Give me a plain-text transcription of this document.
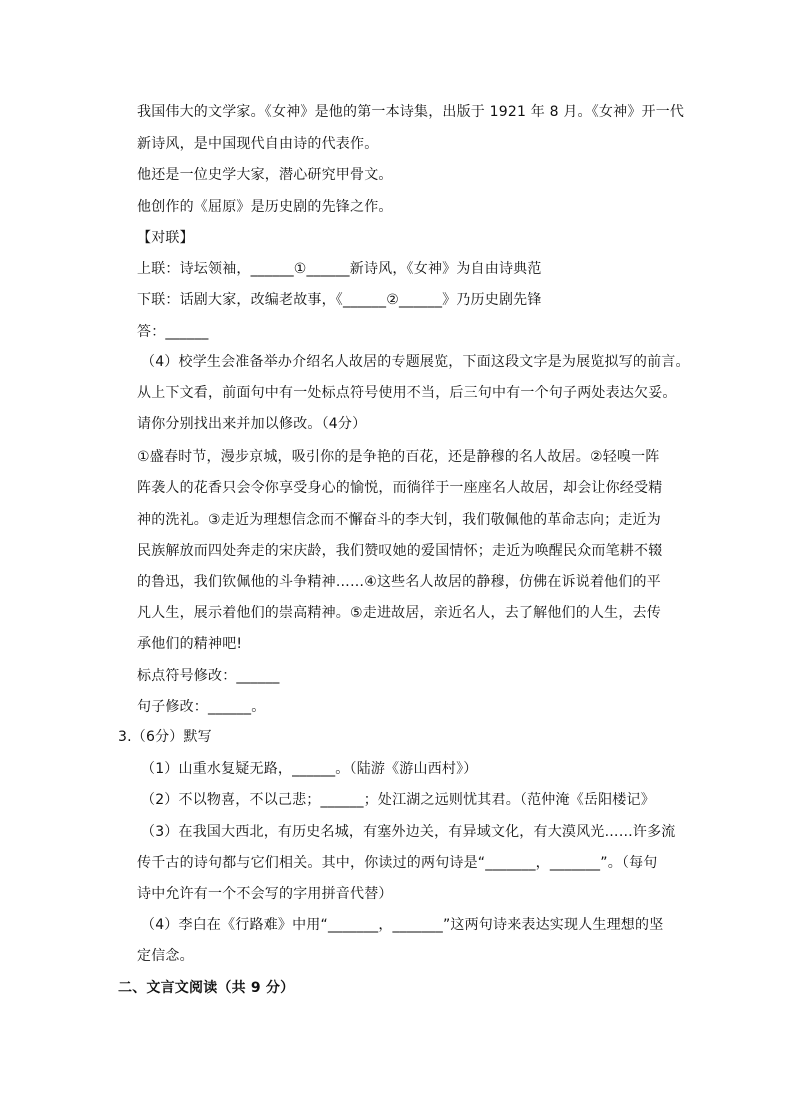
我国伟大的文学家。《女神》是他的第一本诗集，出版于 1921 年 8 月。《女神》开一代
新诗风，是中国现代自由诗的代表作。
他还是一位史学大家，潜心研究甲骨文。
他创作的《屈原》是历史剧的先锋之作。
【对联】
上联：诗坛领袖，______①______新诗风，《女神》为自由诗典范
下联：话剧大家，改编老故事，《______②______》乃历史剧先锋
答：______
（4）校学生会准备举办介绍名人故居的专题展览，下面这段文字是为展览拟写的前言。
从上下文看，前面句中有一处标点符号使用不当，后三句中有一个句子两处表达欠妥。
请你分别找出来并加以修改。（4分）
①盛春时节，漫步京城，吸引你的是争艳的百花，还是静穆的名人故居。②轻嗅一阵
阵袭人的花香只会令你享受身心的愉悦，而徜徉于一座座名人故居，却会让你经受精
神的洗礼。③走近为理想信念而不懈奋斗的李大钊，我们敬佩他的革命志向；走近为
民族解放而四处奔走的宋庆龄，我们赞叹她的爱国情怀；走近为唤醒民众而笔耕不辍
的鲁迅，我们钦佩他的斗争精神……④这些名人故居的静穆，仿佛在诉说着他们的平
凡人生，展示着他们的崇高精神。⑤走进故居，亲近名人，去了解他们的人生，去传
承他们的精神吧!
标点符号修改：______
句子修改：______。
3.（6分）默写
（1）山重水复疑无路，______。（陆游《游山西村》）
（2）不以物喜，不以己悲；______；处江湖之远则忧其君。（范仲淹《岳阳楼记》
（3）在我国大西北，有历史名城，有塞外边关，有异域文化，有大漠风光……许多流
传千古的诗句都与它们相关。其中，你读过的两句诗是“_______，_______”。（每句
诗中允许有一个不会写的字用拼音代替）
（4）李白在《行路难》中用“_______，_______”这两句诗来表达实现人生理想的坚
定信念。
二、文言文阅读（共 9 分）
